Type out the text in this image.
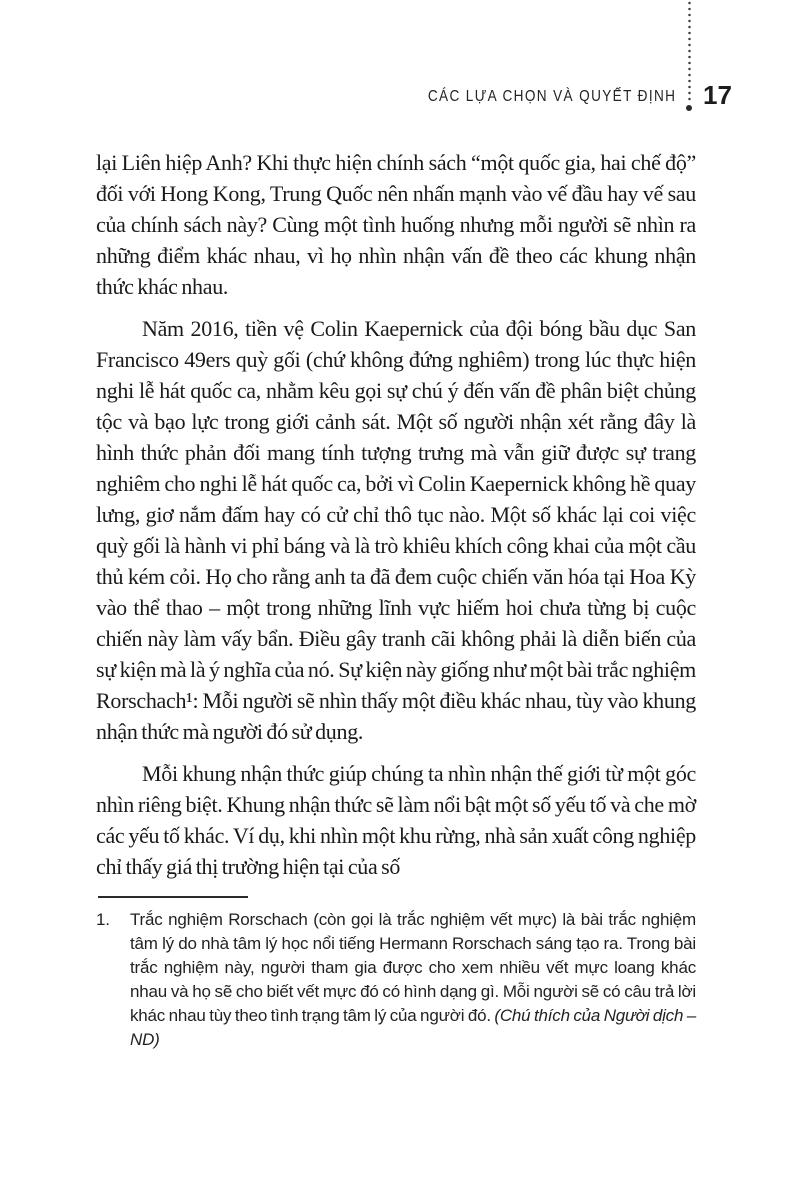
CÁC LỰA CHỌN VÀ QUYẾT ĐỊNH 17

lại Liên hiệp Anh? Khi thực hiện chính sách “một quốc gia, hai chế độ” đối với Hong Kong, Trung Quốc nên nhấn mạnh vào vế đầu hay vế sau của chính sách này? Cùng một tình huống nhưng mỗi người sẽ nhìn ra những điểm khác nhau, vì họ nhìn nhận vấn đề theo các khung nhận thức khác nhau.

Năm 2016, tiền vệ Colin Kaepernick của đội bóng bầu dục San Francisco 49ers quỳ gối (chứ không đứng nghiêm) trong lúc thực hiện nghi lễ hát quốc ca, nhằm kêu gọi sự chú ý đến vấn đề phân biệt chủng tộc và bạo lực trong giới cảnh sát. Một số người nhận xét rằng đây là hình thức phản đối mang tính tượng trưng mà vẫn giữ được sự trang nghiêm cho nghi lễ hát quốc ca, bởi vì Colin Kaepernick không hề quay lưng, giơ nắm đấm hay có cử chỉ thô tục nào. Một số khác lại coi việc quỳ gối là hành vi phỉ báng và là trò khiêu khích công khai của một cầu thủ kém cỏi. Họ cho rằng anh ta đã đem cuộc chiến văn hóa tại Hoa Kỳ vào thể thao – một trong những lĩnh vực hiếm hoi chưa từng bị cuộc chiến này làm vấy bẩn. Điều gây tranh cãi không phải là diễn biến của sự kiện mà là ý nghĩa của nó. Sự kiện này giống như một bài trắc nghiệm Rorschach¹: Mỗi người sẽ nhìn thấy một điều khác nhau, tùy vào khung nhận thức mà người đó sử dụng.

Mỗi khung nhận thức giúp chúng ta nhìn nhận thế giới từ một góc nhìn riêng biệt. Khung nhận thức sẽ làm nổi bật một số yếu tố và che mờ các yếu tố khác. Ví dụ, khi nhìn một khu rừng, nhà sản xuất công nghiệp chỉ thấy giá thị trường hiện tại của số

1.	Trắc nghiệm Rorschach (còn gọi là trắc nghiệm vết mực) là bài trắc nghiệm tâm lý do nhà tâm lý học nổi tiếng Hermann Rorschach sáng tạo ra. Trong bài trắc nghiệm này, người tham gia được cho xem nhiều vết mực loang khác nhau và họ sẽ cho biết vết mực đó có hình dạng gì. Mỗi người sẽ có câu trả lời khác nhau tùy theo tình trạng tâm lý của người đó. (Chú thích của Người dịch – ND)
